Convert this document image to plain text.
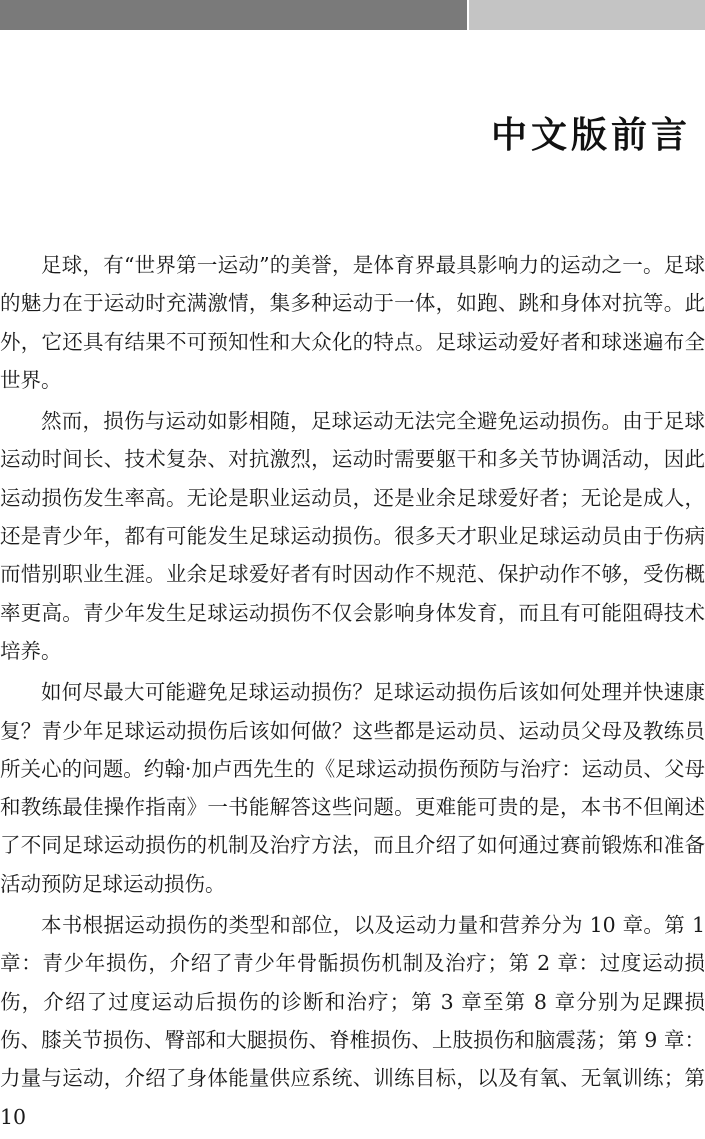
中文版前言

足球，有“世界第一运动”的美誉，是体育界最具影响力的运动之一。足球的魅力在于运动时充满激情，集多种运动于一体，如跑、跳和身体对抗等。此外，它还具有结果不可预知性和大众化的特点。足球运动爱好者和球迷遍布全世界。

然而，损伤与运动如影相随，足球运动无法完全避免运动损伤。由于足球运动时间长、技术复杂、对抗激烈，运动时需要躯干和多关节协调活动，因此运动损伤发生率高。无论是职业运动员，还是业余足球爱好者；无论是成人，还是青少年，都有可能发生足球运动损伤。很多天才职业足球运动员由于伤病而惜别职业生涯。业余足球爱好者有时因动作不规范、保护动作不够，受伤概率更高。青少年发生足球运动损伤不仅会影响身体发育，而且有可能阻碍技术培养。

如何尽最大可能避免足球运动损伤？足球运动损伤后该如何处理并快速康复？青少年足球运动损伤后该如何做？这些都是运动员、运动员父母及教练员所关心的问题。约翰·加卢西先生的《足球运动损伤预防与治疗：运动员、父母和教练最佳操作指南》一书能解答这些问题。更难能可贵的是，本书不但阐述了不同足球运动损伤的机制及治疗方法，而且介绍了如何通过赛前锻炼和准备活动预防足球运动损伤。

本书根据运动损伤的类型和部位，以及运动力量和营养分为 10 章。第 1 章：青少年损伤，介绍了青少年骨骺损伤机制及治疗；第 2 章：过度运动损伤，介绍了过度运动后损伤的诊断和治疗；第 3 章至第 8 章分别为足踝损伤、膝关节损伤、臀部和大腿损伤、脊椎损伤、上肢损伤和脑震荡；第 9 章：力量与运动，介绍了身体能量供应系统、训练目标，以及有氧、无氧训练；第 10
